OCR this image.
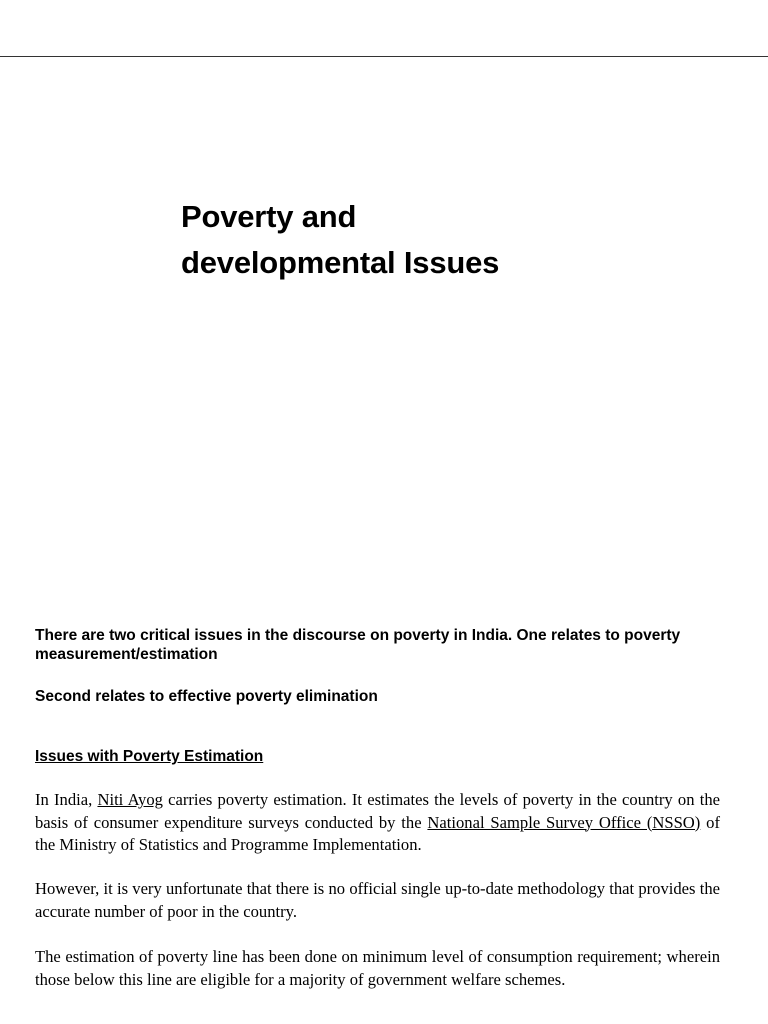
Poverty and
developmental Issues
There are two critical issues in the discourse on poverty in India. One relates to poverty measurement/estimation
Second relates to effective poverty elimination
Issues with Poverty Estimation
In India, Niti Ayog carries poverty estimation. It estimates the levels of poverty in the country on the basis of consumer expenditure surveys conducted by the National Sample Survey Office (NSSO) of the Ministry of Statistics and Programme Implementation.
However, it is very unfortunate that there is no official single up-to-date methodology that provides the accurate number of poor in the country.
The estimation of poverty line has been done on minimum level of consumption requirement; wherein those below this line are eligible for a majority of government welfare schemes.
